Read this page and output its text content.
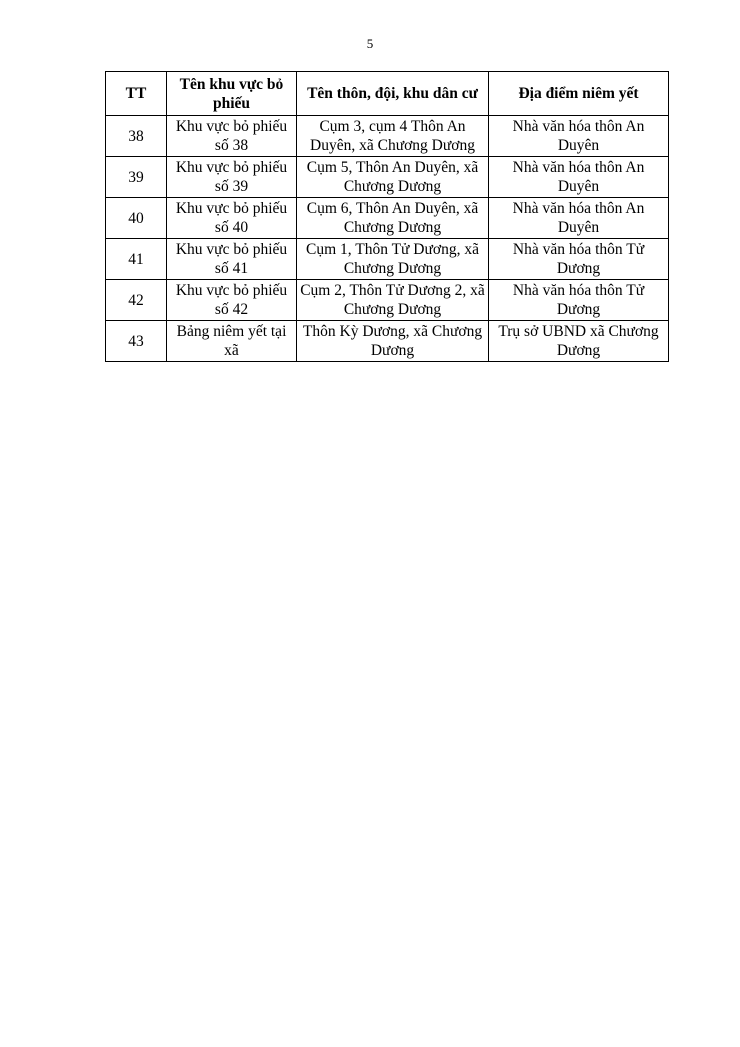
5
TT	Tên khu vực bỏ phiếu	Tên thôn, đội, khu dân cư	Địa điểm niêm yết
38	Khu vực bỏ phiếu số 38	Cụm 3, cụm 4 Thôn An Duyên, xã Chương Dương	Nhà văn hóa thôn An Duyên
39	Khu vực bỏ phiếu số 39	Cụm 5, Thôn An Duyên, xã Chương Dương	Nhà văn hóa thôn An Duyên
40	Khu vực bỏ phiếu số 40	Cụm 6, Thôn An Duyên, xã Chương Dương	Nhà văn hóa thôn An Duyên
41	Khu vực bỏ phiếu số 41	Cụm 1, Thôn Tử Dương, xã Chương Dương	Nhà văn hóa thôn Tử Dương
42	Khu vực bỏ phiếu số 42	Cụm 2, Thôn Tử Dương 2, xã Chương Dương	Nhà văn hóa thôn Tử Dương
43	Bảng niêm yết tại xã	Thôn Kỳ Dương, xã Chương Dương	Trụ sở UBND xã Chương Dương
